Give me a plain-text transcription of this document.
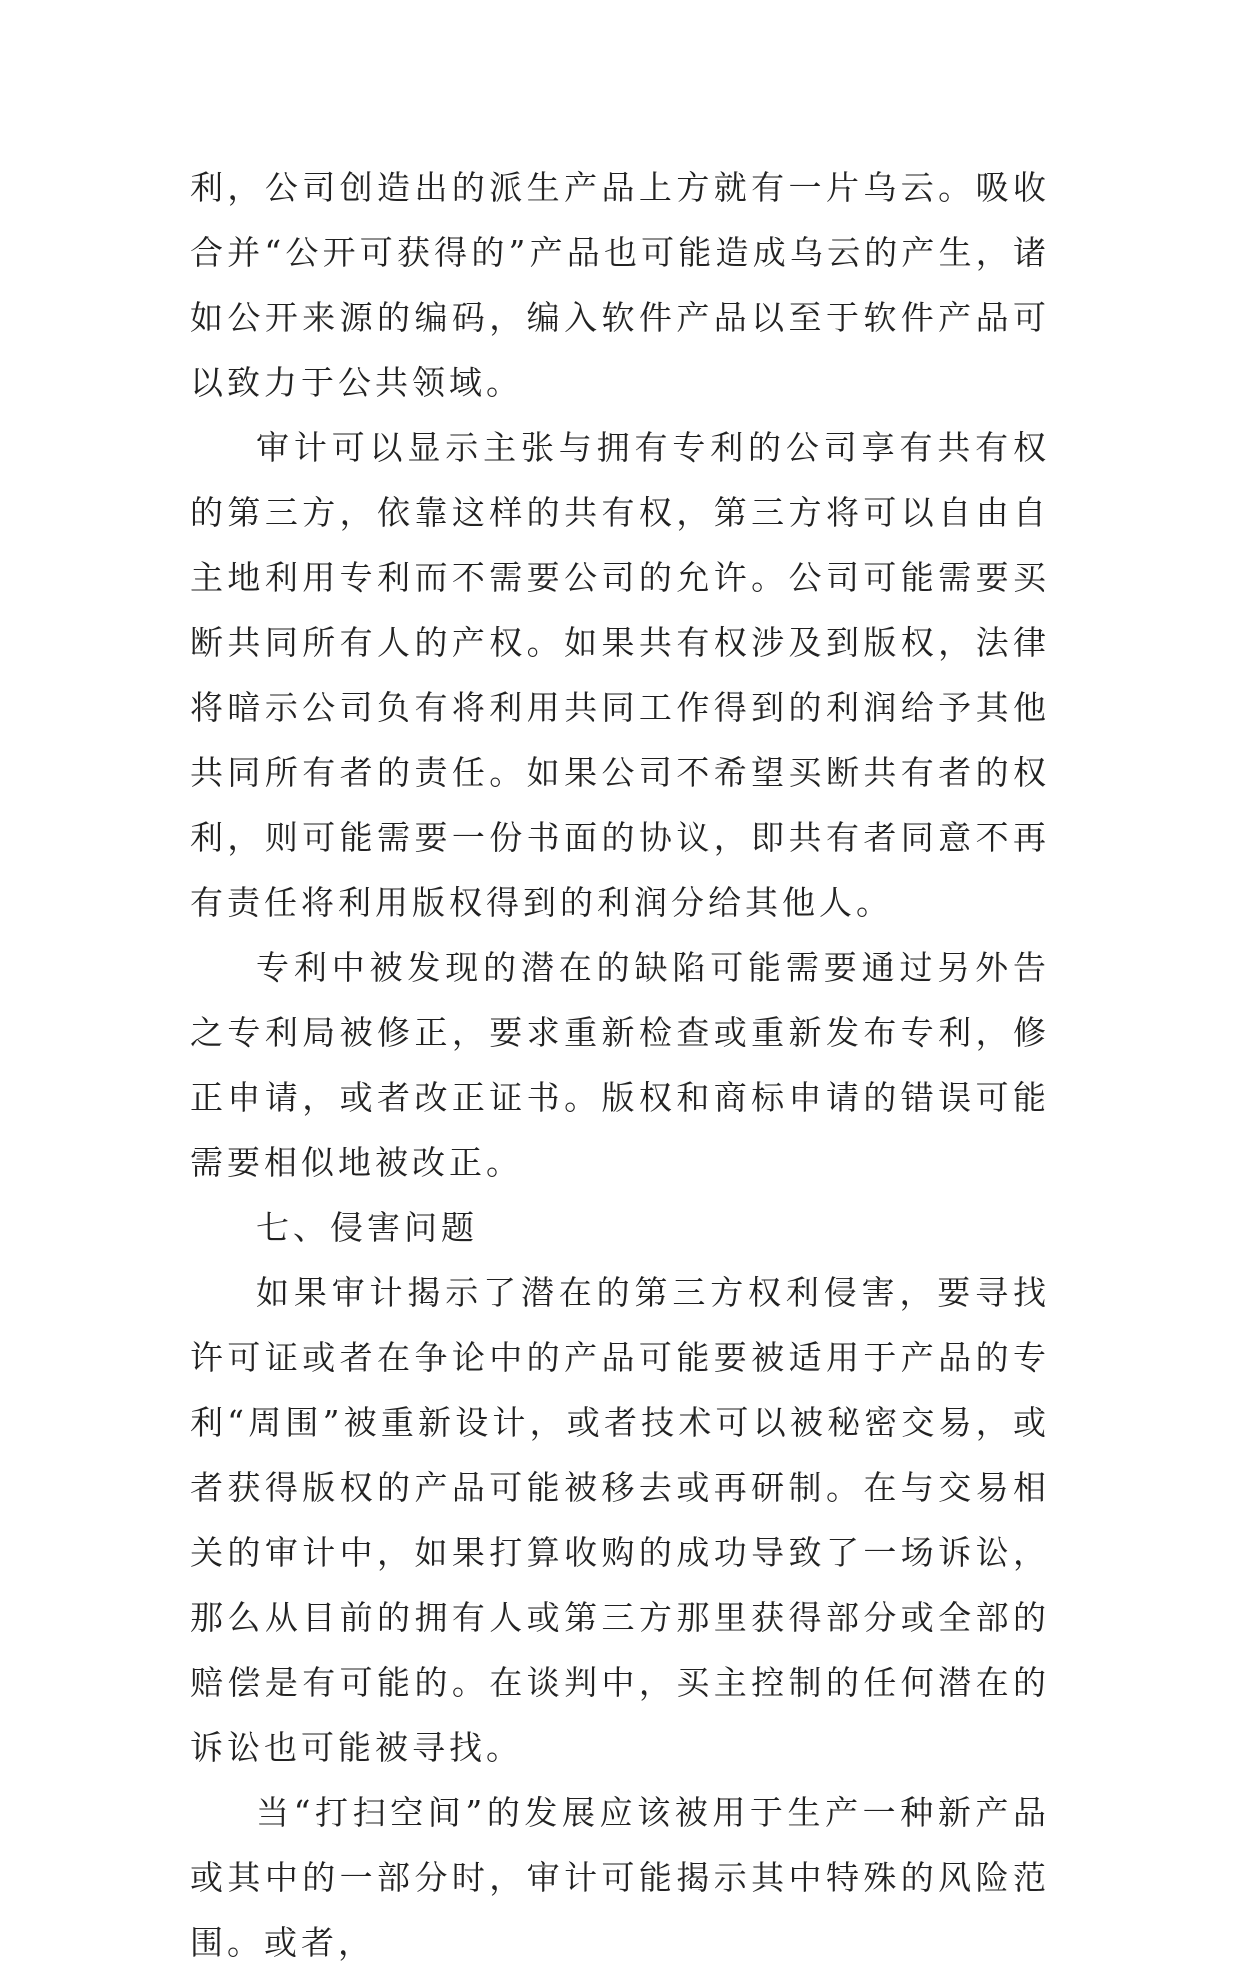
利，公司创造出的派生产品上方就有一片乌云。吸收合并“公开可获得的”产品也可能造成乌云的产生，诸如公开来源的编码，编入软件产品以至于软件产品可以致力于公共领域。

审计可以显示主张与拥有专利的公司享有共有权的第三方，依靠这样的共有权，第三方将可以自由自主地利用专利而不需要公司的允许。公司可能需要买断共同所有人的产权。如果共有权涉及到版权，法律将暗示公司负有将利用共同工作得到的利润给予其他共同所有者的责任。如果公司不希望买断共有者的权利，则可能需要一份书面的协议，即共有者同意不再有责任将利用版权得到的利润分给其他人。

专利中被发现的潜在的缺陷可能需要通过另外告之专利局被修正，要求重新检查或重新发布专利，修正申请，或者改正证书。版权和商标申请的错误可能需要相似地被改正。

七、侵害问题

如果审计揭示了潜在的第三方权利侵害，要寻找许可证或者在争论中的产品可能要被适用于产品的专利“周围”被重新设计，或者技术可以被秘密交易，或者获得版权的产品可能被移去或再研制。在与交易相关的审计中，如果打算收购的成功导致了一场诉讼，那么从目前的拥有人或第三方那里获得部分或全部的赔偿是有可能的。在谈判中，买主控制的任何潜在的诉讼也可能被寻找。

当“打扫空间”的发展应该被用于生产一种新产品或其中的一部分时，审计可能揭示其中特殊的风险范围。或者，
